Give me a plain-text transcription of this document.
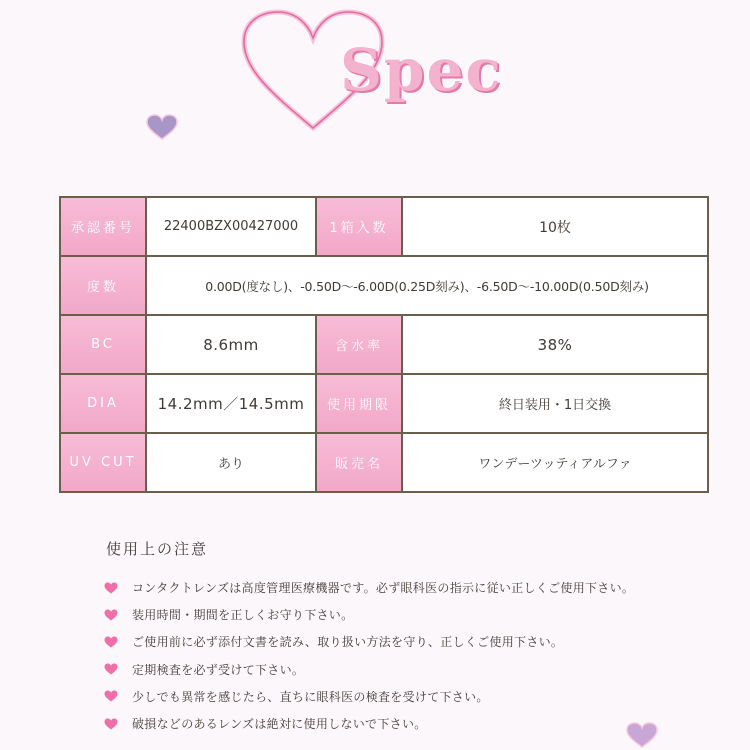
Spec
承認番号	22400BZX00427000	1箱入数	10枚
度数	0.00D(度なし)、-0.50D～-6.00D(0.25D刻み)、-6.50D～-10.00D(0.50D刻み)		
BC	8.6mm	含水率	38%
DIA	14.2mm／14.5mm	使用期限	終日装用・1日交換
UV CUT	あり	販売名	ワンデーツッティアルファ
使用上の注意
コンタクトレンズは高度管理医療機器です。必ず眼科医の指示に従い正しくご使用下さい。
装用時間・期間を正しくお守り下さい。
ご使用前に必ず添付文書を読み、取り扱い方法を守り、正しくご使用下さい。
定期検査を必ず受けて下さい。
少しでも異常を感じたら、直ちに眼科医の検査を受けて下さい。
破損などのあるレンズは絶対に使用しないで下さい。
